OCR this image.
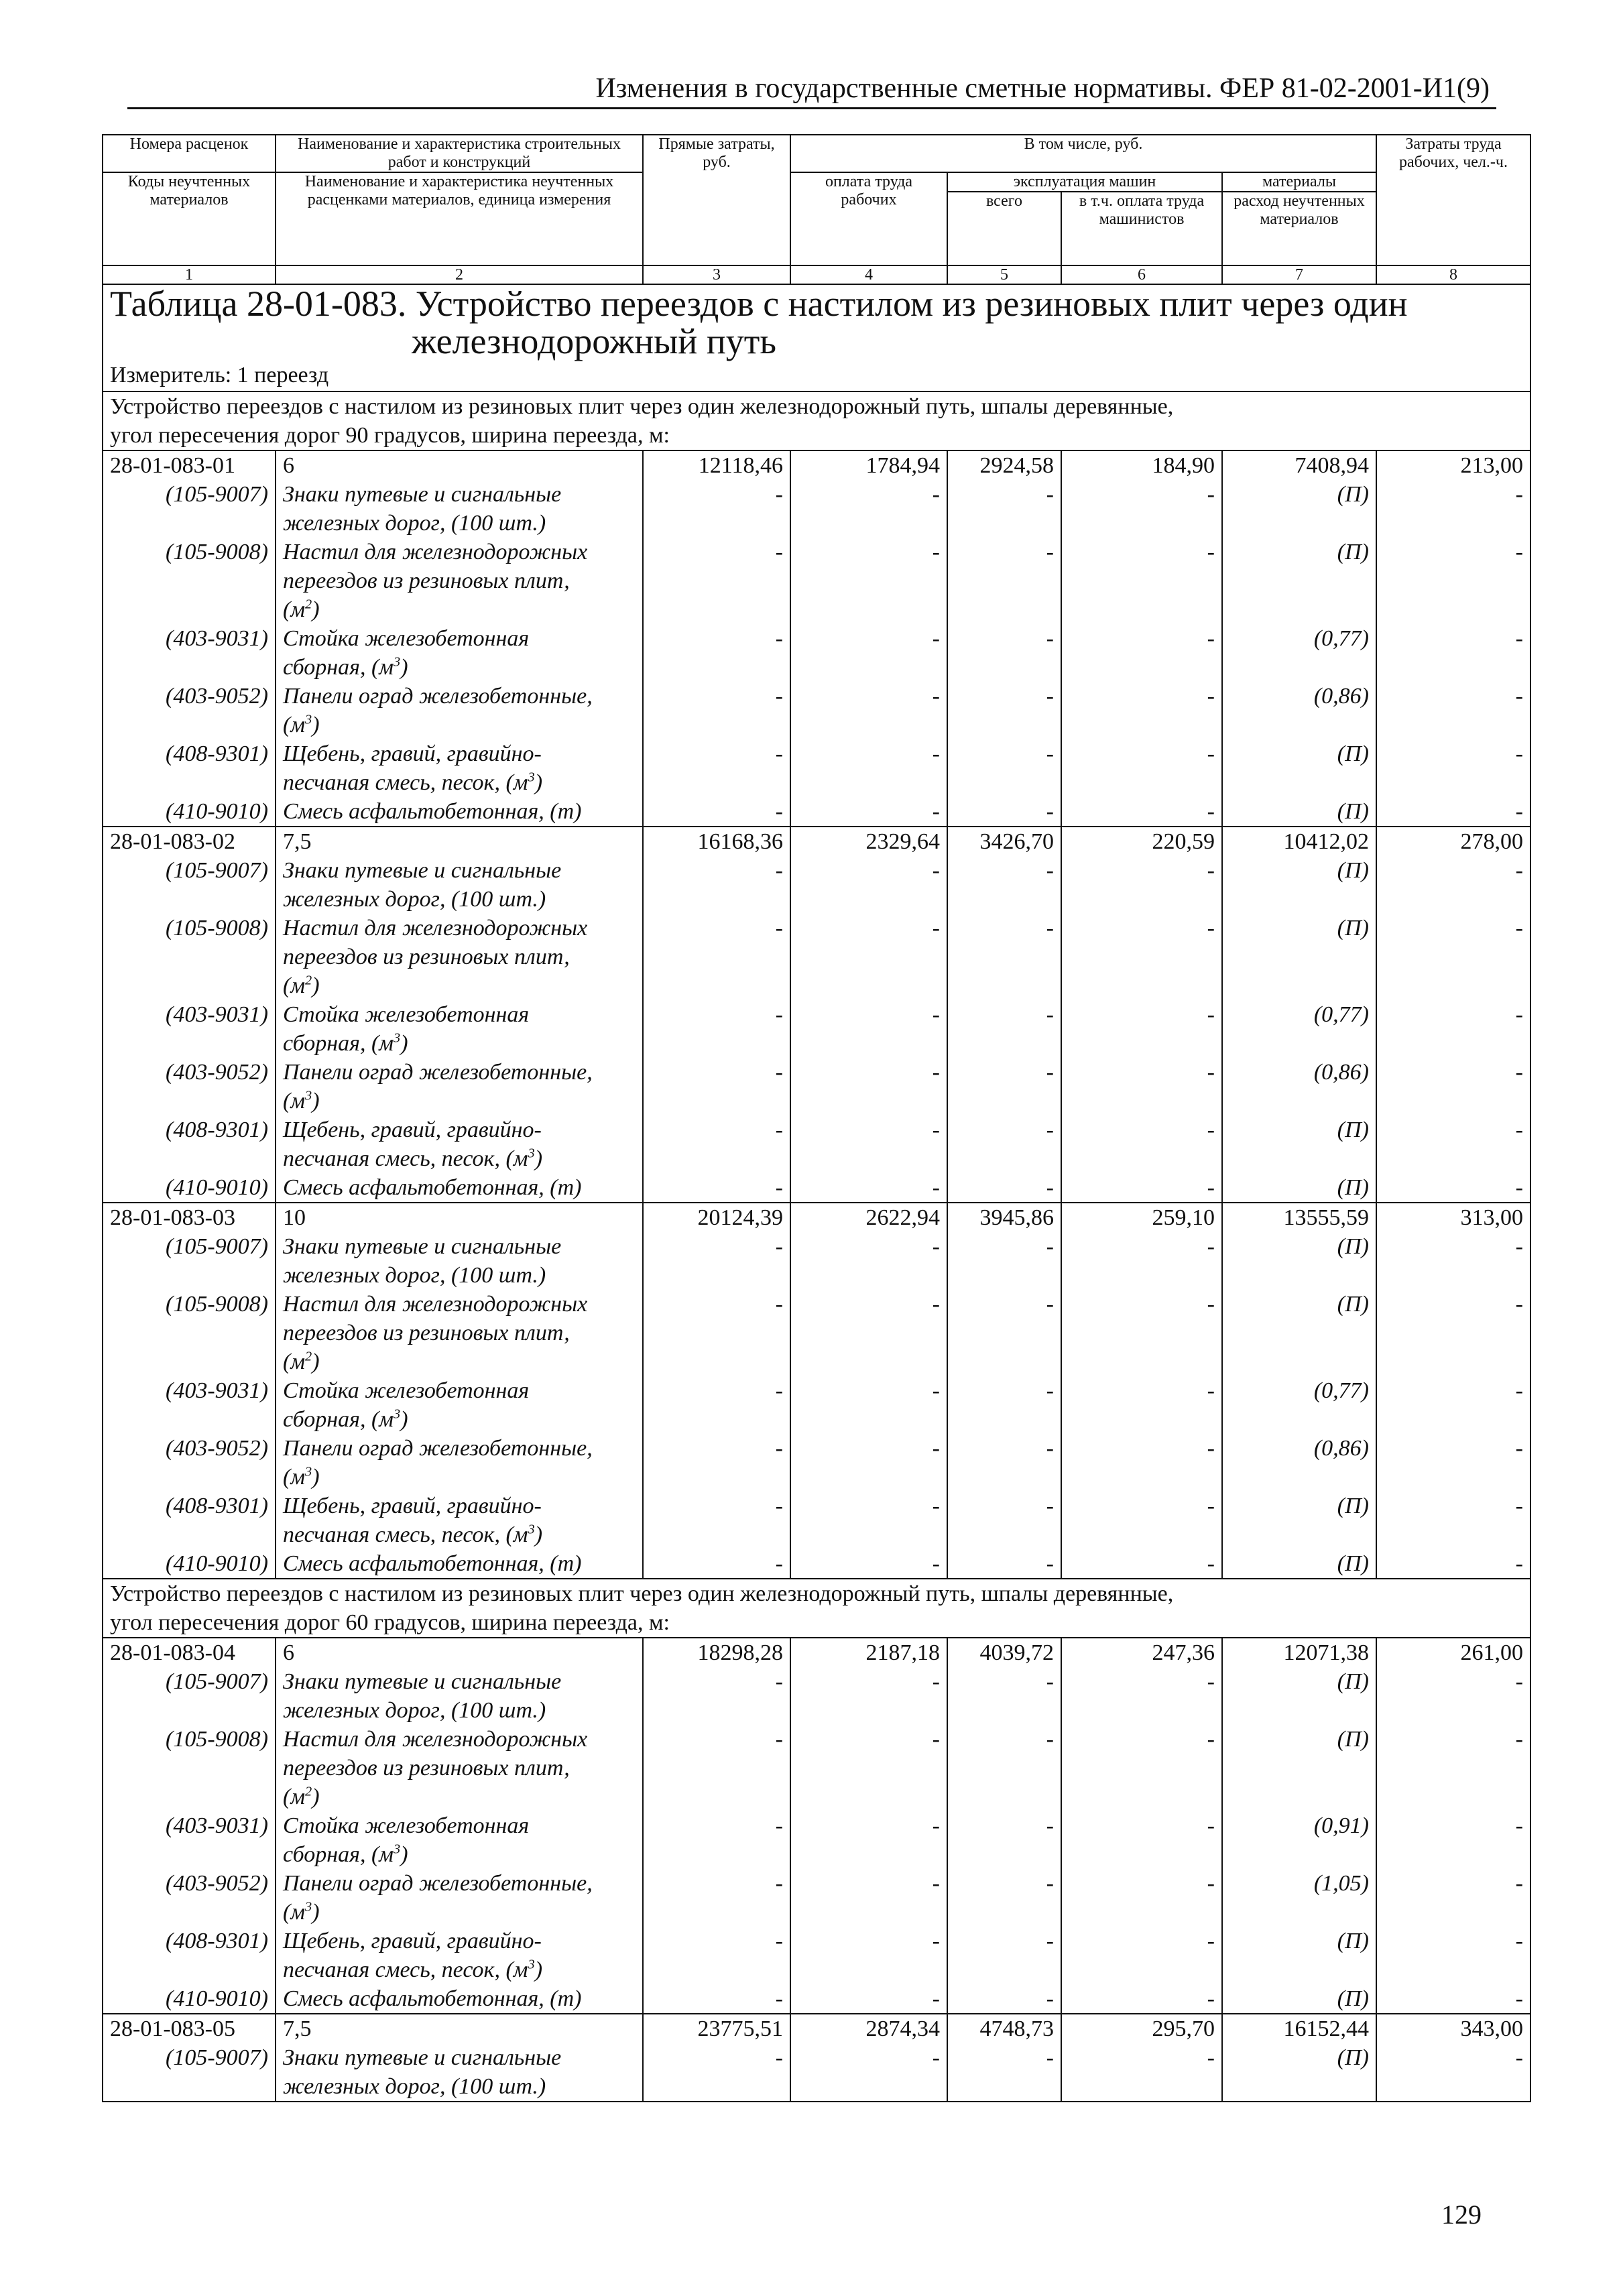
Изменения в государственные сметные нормативы. ФЕР 81-02-2001-И1(9)
Номера расценок	Наименование и характеристика строительных работ и конструкций	Прямые затраты, руб.	В том числе, руб.				Затраты труда рабочих, чел.-ч.
Коды неучтенных материалов	Наименование и характеристика неучтенных расценками материалов, единица измерения		оплата труда рабочих	эксплуатация машин		материалы	
				всего	в т.ч. оплата труда машинистов	расход неучтенных материалов	

1	2	3	4	5	6	7	8
Таблица 28-01-083. Устройство переездов с настилом из резиновых плит через один
железнодорожный путь							

Измеритель: 1 переезд							

Устройство переездов с настилом из резиновых плит через один железнодорожный путь, шпалы деревянные,
угол пересечения дорог 90 градусов, ширина переезда, м:							

28-01-083-01	6	12118,46	1784,94	2924,58	184,90	7408,94	213,00
(105-9007)	Знаки путевые и сигнальные
железных дорог, (100 шт.)	-	-	-	-	(П)	-
(105-9008)	Настил для железнодорожных
переездов из резиновых плит,
$(м^2)$	-	-	-	-	(П)	-
(403-9031)	Стойка железобетонная
сборная, $(м^3)$	-	-	-	-	(0,77)	-
(403-9052)	Панели оград железобетонные,
$(м^3)$	-	-	-	-	(0,86)	-
(408-9301)	Щебень, гравий, гравийно-
песчаная смесь, песок, $(м^3)$	-	-	-	-	(П)	-
(410-9010)	Смесь асфальтобетонная, (т)	-	-	-	-	(П)	-
28-01-083-02	7,5	16168,36	2329,64	3426,70	220,59	10412,02	278,00
(105-9007)	Знаки путевые и сигнальные
железных дорог, (100 шт.)	-	-	-	-	(П)	-
(105-9008)	Настил для железнодорожных
переездов из резиновых плит,
$(м^2)$	-	-	-	-	(П)	-
(403-9031)	Стойка железобетонная
сборная, $(м^3)$	-	-	-	-	(0,77)	-
(403-9052)	Панели оград железобетонные,
$(м^3)$	-	-	-	-	(0,86)	-
(408-9301)	Щебень, гравий, гравийно-
песчаная смесь, песок, $(м^3)$	-	-	-	-	(П)	-
(410-9010)	Смесь асфальтобетонная, (т)	-	-	-	-	(П)	-
28-01-083-03	10	20124,39	2622,94	3945,86	259,10	13555,59	313,00
(105-9007)	Знаки путевые и сигнальные
железных дорог, (100 шт.)	-	-	-	-	(П)	-
(105-9008)	Настил для железнодорожных
переездов из резиновых плит,
$(м^2)$	-	-	-	-	(П)	-
(403-9031)	Стойка железобетонная
сборная, $(м^3)$	-	-	-	-	(0,77)	-
(403-9052)	Панели оград железобетонные,
$(м^3)$	-	-	-	-	(0,86)	-
(408-9301)	Щебень, гравий, гравийно-
песчаная смесь, песок, $(м^3)$	-	-	-	-	(П)	-
(410-9010)	Смесь асфальтобетонная, (т)	-	-	-	-	(П)	-

Устройство переездов с настилом из резиновых плит через один железнодорожный путь, шпалы деревянные,
угол пересечения дорог 60 градусов, ширина переезда, м:							

28-01-083-04	6	18298,28	2187,18	4039,72	247,36	12071,38	261,00
(105-9007)	Знаки путевые и сигнальные
железных дорог, (100 шт.)	-	-	-	-	(П)	-
(105-9008)	Настил для железнодорожных
переездов из резиновых плит,
$(м^2)$	-	-	-	-	(П)	-
(403-9031)	Стойка железобетонная
сборная, $(м^3)$	-	-	-	-	(0,91)	-
(403-9052)	Панели оград железобетонные,
$(м^3)$	-	-	-	-	(1,05)	-
(408-9301)	Щебень, гравий, гравийно-
песчаная смесь, песок, $(м^3)$	-	-	-	-	(П)	-
(410-9010)	Смесь асфальтобетонная, (т)	-	-	-	-	(П)	-
28-01-083-05	7,5	23775,51	2874,34	4748,73	295,70	16152,44	343,00
(105-9007)	Знаки путевые и сигнальные
железных дорог, (100 шт.)	-	-	-	-	(П)	-
129
